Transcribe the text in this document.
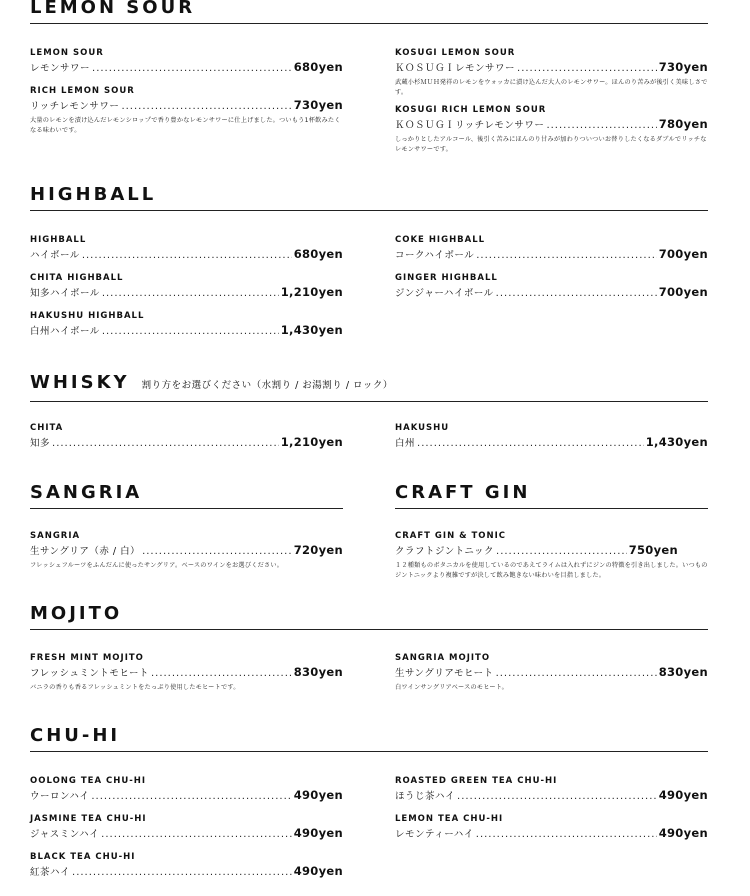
LEMON SOUR
LEMON SOUR
レモンサワー .....	680yen
RICH LEMON SOUR
リッチレモンサワー .....	730yen
大量のレモンを漬け込んだレモンシロップで香り豊かなレモンサワーに仕上げました。ついもう1杯飲みたくなる味わいです。
KOSUGI LEMON SOUR
ＫＯＳＵＧＩレモンサワー .....	730yen
武蔵小杉ＭＵＨ発祥のレモンをウォッカに漬け込んだ大人のレモンサワー。ほんのり苦みが後引く美味しさです。
KOSUGI RICH LEMON SOUR
ＫＯＳＵＧＩリッチレモンサワー .....	780yen
しっかりとしたアルコール、後引く苦みにほんのり甘みが加わりついついお替りしたくなるダブルでリッチなレモンサワーです。
HIGHBALL
HIGHBALL
ハイボール .....	680yen
CHITA HIGHBALL
知多ハイボール .....	1,210yen
HAKUSHU HIGHBALL
白州ハイボール .....	1,430yen
COKE HIGHBALL
コークハイボール .....	700yen
GINGER HIGHBALL
ジンジャーハイボール .....	700yen
WHISKY 割り方をお選びください（水割り / お湯割り / ロック）
CHITA
知多 .....	1,210yen
HAKUSHU
白州 .....	1,430yen
SANGRIA
SANGRIA
生サングリア（赤 / 白） .....	720yen
フレッシュフルーツをふんだんに使ったサングリア。ベースのワインをお選びください。
CRAFT GIN
CRAFT GIN & TONIC
クラフトジントニック .....	750yen
１２種類ものボタニカルを使用しているのであえてライムは入れずにジンの特徴を引き出しました。いつものジントニックより複雑ですが決して飲み飽きない味わいを目指しました。
MOJITO
FRESH MINT MOJITO
フレッシュミントモヒート .....	830yen
バニラの香りも香るフレッシュミントをたっぷり使用したモヒートです。
SANGRIA MOJITO
生サングリアモヒート .....	830yen
白ワインサングリアベースのモヒート。
CHU-HI
OOLONG TEA CHU-HI
ウーロンハイ .....	490yen
JASMINE TEA CHU-HI
ジャスミンハイ .....	490yen
BLACK TEA CHU-HI
紅茶ハイ .....	490yen
ROASTED GREEN TEA CHU-HI
ほうじ茶ハイ .....	490yen
LEMON TEA CHU-HI
レモンティーハイ .....	490yen
